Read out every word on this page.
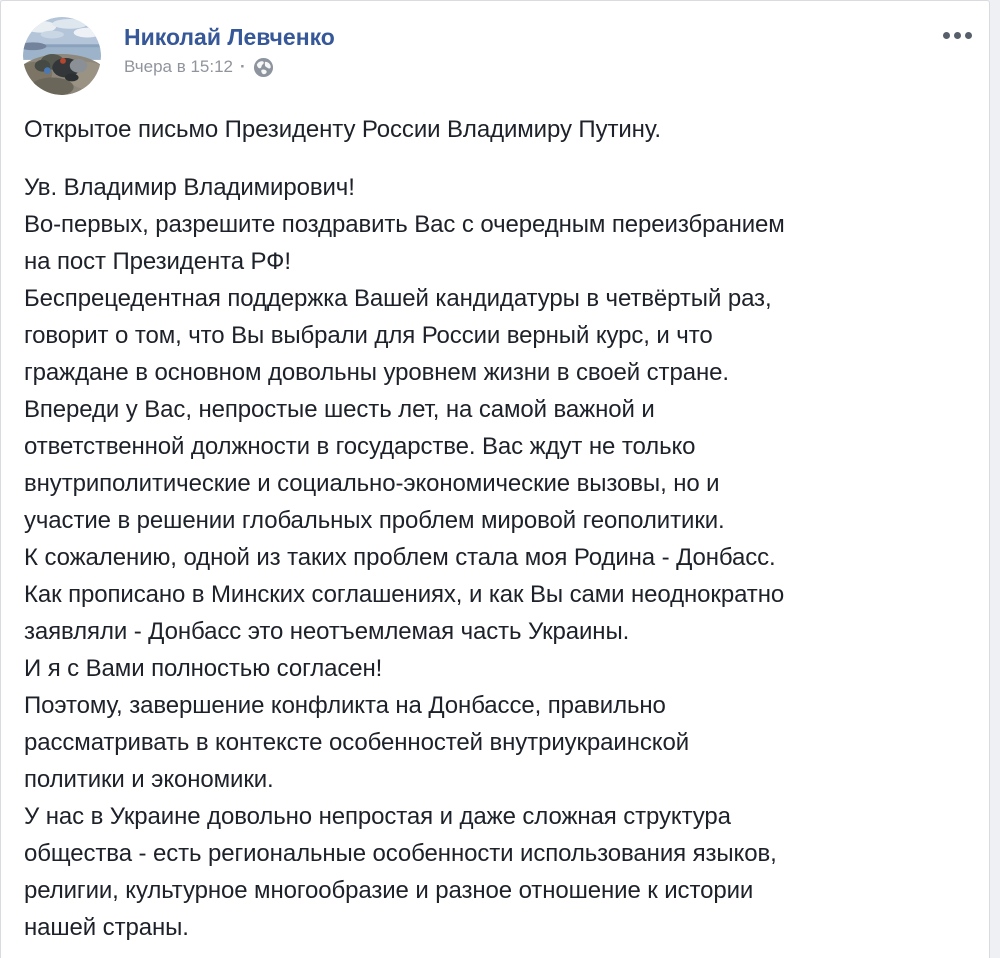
Николай Левченко
Вчера в 15:12 ·
Открытое письмо Президенту России Владимиру Путину.
Ув. Владимир Владимирович!
Во-первых, разрешите поздравить Вас с очередным переизбранием
на пост Президента РФ!
Беспрецедентная поддержка Вашей кандидатуры в четвёртый раз,
говорит о том, что Вы выбрали для России верный курс, и что
граждане в основном довольны уровнем жизни в своей стране.
Впереди у Вас, непростые шесть лет, на самой важной и
ответственной должности в государстве. Вас ждут не только
внутриполитические и социально-экономические вызовы, но и
участие в решении глобальных проблем мировой геополитики.
К сожалению, одной из таких проблем стала моя Родина - Донбасс.
Как прописано в Минских соглашениях, и как Вы сами неоднократно
заявляли - Донбасс это неотъемлемая часть Украины.
И я с Вами полностью согласен!
Поэтому, завершение конфликта на Донбассе, правильно
рассматривать в контексте особенностей внутриукраинской
политики и экономики.
У нас в Украине довольно непростая и даже сложная структура
общества - есть региональные особенности использования языков,
религии, культурное многообразие и разное отношение к истории
нашей страны.
